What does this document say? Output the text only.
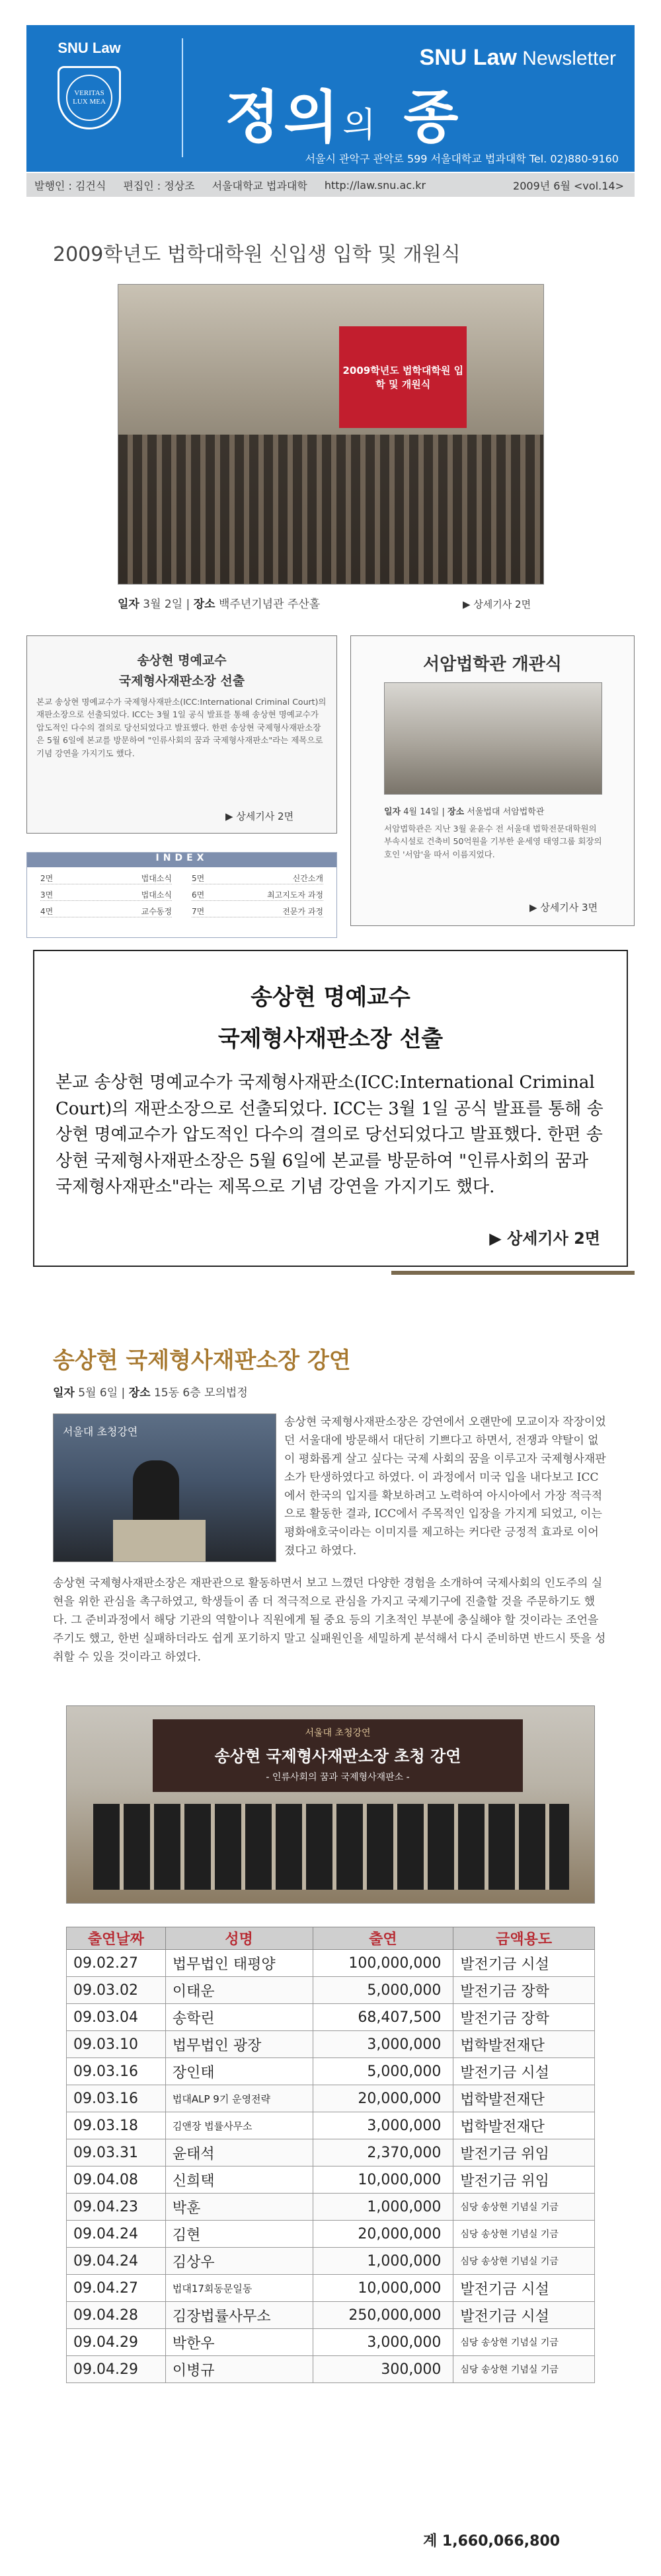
SNU Law
VERITAS LUX MEA
SNU Law Newsletter
정의의 종
서울시 관악구 관악로 599 서울대학교 법과대학 Tel. 02)880-9160
발행인 : 김건식 편집인 : 정상조 서울대학교 법과대학 http://law.snu.ac.kr	2009년 6월 <vol.14>
2009학년도 법학대학원 신입생 입학 및 개원식
2009학년도 법학대학원 입학 및 개원식
일자 3월 2일 | 장소 백주년기념관 주산홀	▶ 상세기사 2면
송상현 명예교수
국제형사재판소장 선출
본교 송상현 명예교수가 국제형사재판소(ICC:International Criminal Court)의 재판소장으로 선출되었다. ICC는 3월 1일 공식 발표를 통해 송상현 명예교수가 압도적인 다수의 결의로 당선되었다고 발표했다. 한편 송상현 국제형사재판소장은 5월 6일에 본교를 방문하여 "인류사회의 꿈과 국제형사재판소"라는 제목으로 기념 강연을 가지기도 했다.
▶ 상세기사 2면
서암법학관 개관식
일자 4월 14일 | 장소 서울법대 서암법학관
서암법학관은 지난 3월 윤윤수 전 서울대 법학전문대학원의 부속시설로 건축비 50억원을 기부한 윤세영 태영그룹 회장의 호인 '서암'을 따서 이름지었다.
▶ 상세기사 3면
INDEX
2면	법대소식	5면	신간소개
3면	법대소식	6면	최고지도자 과정
4면	교수동정	7면	전문가 과정
송상현 명예교수
국제형사재판소장 선출
본교 송상현 명예교수가 국제형사재판소(ICC:International Criminal Court)의 재판소장으로 선출되었다. ICC는 3월 1일 공식 발표를 통해 송상현 명예교수가 압도적인 다수의 결의로 당선되었다고 발표했다. 한편 송상현 국제형사재판소장은 5월 6일에 본교를 방문하여 "인류사회의 꿈과 국제형사재판소"라는 제목으로 기념 강연을 가지기도 했다.
▶ 상세기사 2면
송상현 국제형사재판소장 강연
일자 5월 6일 | 장소 15동 6층 모의법정
서울대 초청강연
송상현 국제형사재판소장은 강연에서 오랜만에 모교이자 작장이었던 서울대에 방문해서 대단히 기쁘다고 하면서, 전쟁과 약탈이 없이 평화롭게 살고 싶다는 국제 사회의 꿈을 이루고자 국제형사재판소가 탄생하였다고 하였다. 이 과정에서 미국 입을 내다보고 ICC에서 한국의 입지를 확보하려고 노력하여 아시아에서 가장 적극적으로 활동한 결과, ICC에서 주목적인 입장을 가지게 되었고, 이는 평화애호국이라는 이미지를 제고하는 커다란 긍정적 효과로 이어졌다고 하였다.
송상현 국제형사재판소장은 재판관으로 활동하면서 보고 느꼈던 다양한 경험을 소개하여 국제사회의 인도주의 실현을 위한 관심을 촉구하였고, 학생들이 좀 더 적극적으로 관심을 가지고 국제기구에 진출할 것을 주문하기도 했다. 그 준비과정에서 해당 기관의 역할이나 직원에게 될 중요 등의 기초적인 부분에 충실해야 할 것이라는 조언을 주기도 했고, 한번 실패하더라도 쉽게 포기하지 말고 실패원인을 세밀하게 분석해서 다시 준비하면 반드시 뜻을 성취할 수 있을 것이라고 하였다.
서울대 초청강연
송상현 국제형사재판소장 초청 강연
- 인류사회의 꿈과 국제형사재판소 -
출연날짜	성명	출연	금액용도
09.02.27	법무법인 태평양	100,000,000	발전기금 시설
09.03.02	이태운	5,000,000	발전기금 장학
09.03.04	송학린	68,407,500	발전기금 장학
09.03.10	법무법인 광장	3,000,000	법학발전재단
09.03.16	장인태	5,000,000	발전기금 시설
09.03.16	법대ALP 9기 운영전략	20,000,000	법학발전재단
09.03.18	김앤장 법률사무소	3,000,000	법학발전재단
09.03.31	윤태석	2,370,000	발전기금 위임
09.04.08	신희택	10,000,000	발전기금 위임
09.04.23	박훈	1,000,000	심당 송상현 기념실 기금
09.04.24	김현	20,000,000	심당 송상현 기념실 기금
09.04.24	김상우	1,000,000	심당 송상현 기념실 기금
09.04.27	법대17회동문일동	10,000,000	발전기금 시설
09.04.28	김장법률사무소	250,000,000	발전기금 시설
09.04.29	박한우	3,000,000	심당 송상현 기념실 기금
09.04.29	이병규	300,000	심당 송상현 기념실 기금
계 1,660,066,800
